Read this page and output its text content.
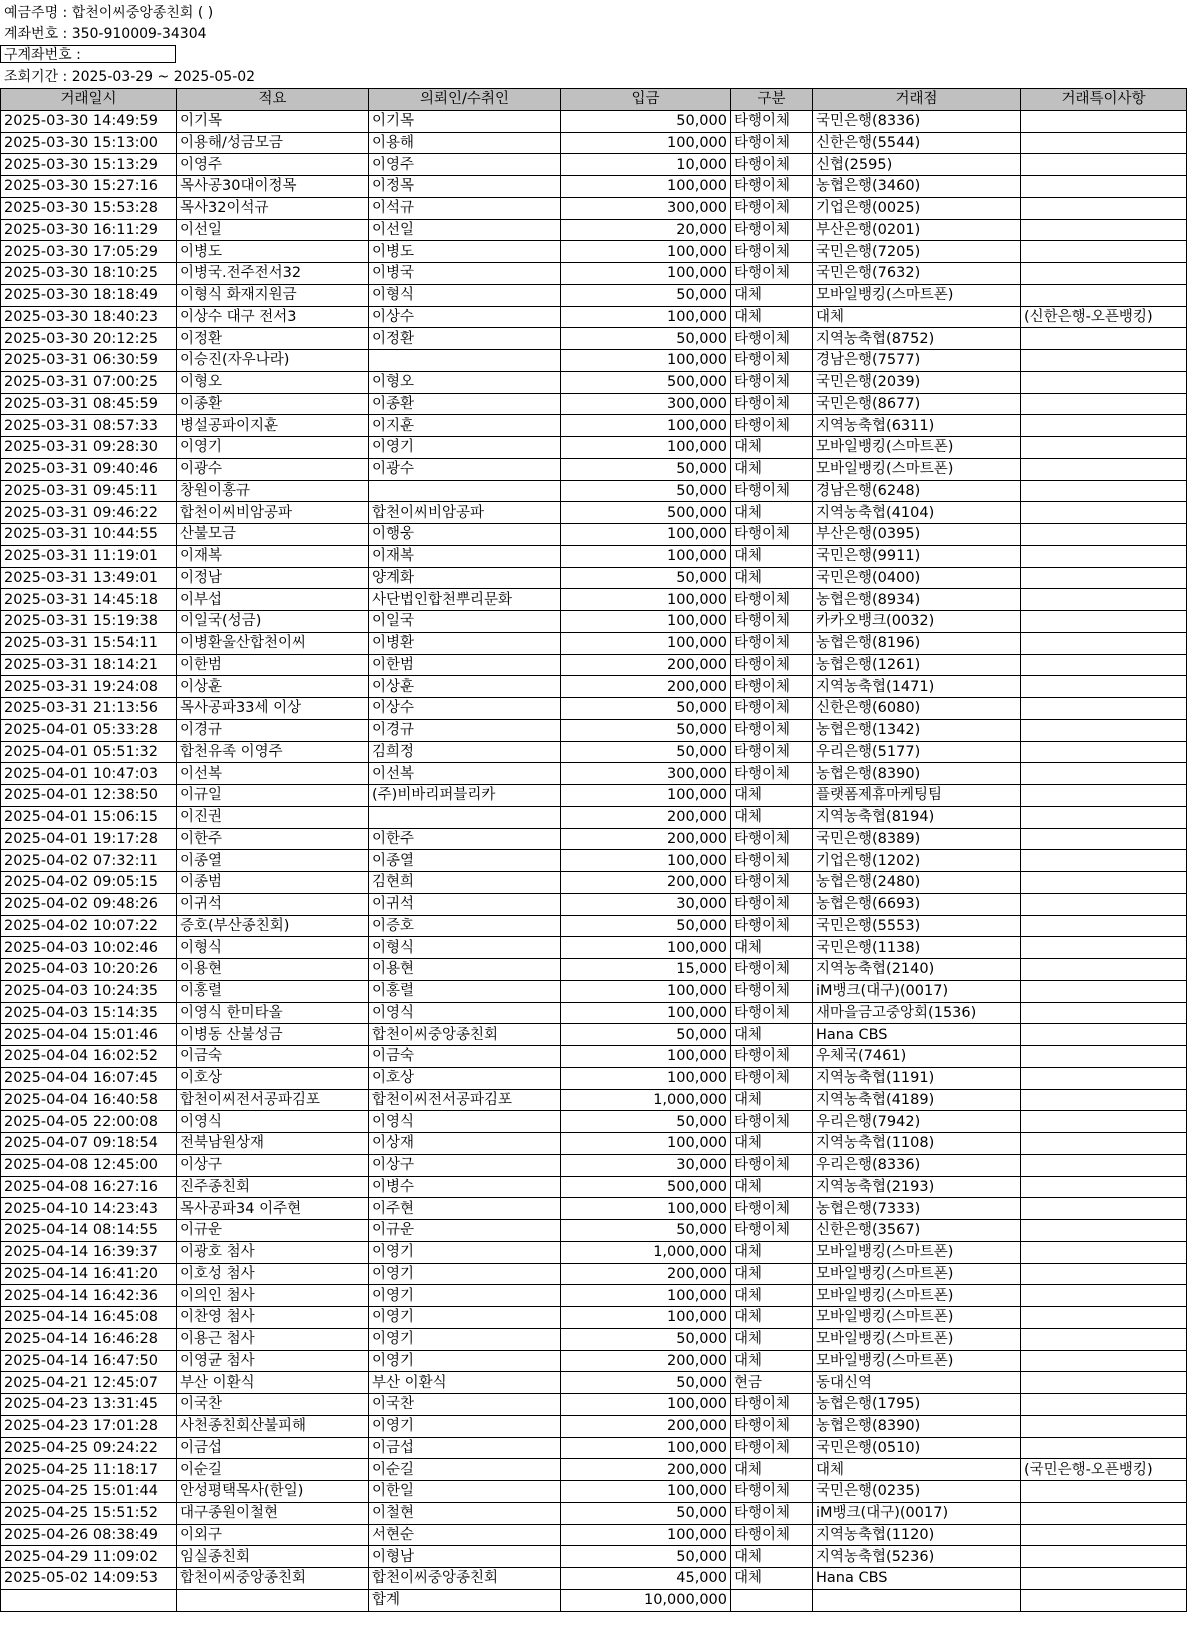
예금주명 : 합천이씨중앙종친회 ( )
계좌번호 : 350-910009-34304
구계좌번호 :
조회기간 : 2025-03-29 ~ 2025-05-02
거래일시	적요	의뢰인/수취인	입금	구분	거래점	거래특이사항
2025-03-30 14:49:59	이기목	이기목	50,000	타행이체	국민은행(8336)	
2025-03-30 15:13:00	이용해/성금모금	이용해	100,000	타행이체	신한은행(5544)	
2025-03-30 15:13:29	이영주	이영주	10,000	타행이체	신협(2595)	
2025-03-30 15:27:16	목사공30대이정목	이정목	100,000	타행이체	농협은행(3460)	
2025-03-30 15:53:28	목사32이석규	이석규	300,000	타행이체	기업은행(0025)	
2025-03-30 16:11:29	이선일	이선일	20,000	타행이체	부산은행(0201)	
2025-03-30 17:05:29	이병도	이병도	100,000	타행이체	국민은행(7205)	
2025-03-30 18:10:25	이병국.전주전서32	이병국	100,000	타행이체	국민은행(7632)	
2025-03-30 18:18:49	이형식 화재지원금	이형식	50,000	대체	모바일뱅킹(스마트폰)	
2025-03-30 18:40:23	이상수 대구 전서3	이상수	100,000	대체	대체	(신한은행-오픈뱅킹)
2025-03-30 20:12:25	이정환	이정환	50,000	타행이체	지역농축협(8752)	
2025-03-31 06:30:59	이승진(자우나라)		100,000	타행이체	경남은행(7577)	
2025-03-31 07:00:25	이형오	이형오	500,000	타행이체	국민은행(2039)	
2025-03-31 08:45:59	이종환	이종환	300,000	타행이체	국민은행(8677)	
2025-03-31 08:57:33	병설공파이지훈	이지훈	100,000	타행이체	지역농축협(6311)	
2025-03-31 09:28:30	이영기	이영기	100,000	대체	모바일뱅킹(스마트폰)	
2025-03-31 09:40:46	이광수	이광수	50,000	대체	모바일뱅킹(스마트폰)	
2025-03-31 09:45:11	창원이홍규		50,000	타행이체	경남은행(6248)	
2025-03-31 09:46:22	합천이씨비암공파	합천이씨비암공파	500,000	대체	지역농축협(4104)	
2025-03-31 10:44:55	산불모금	이행웅	100,000	타행이체	부산은행(0395)	
2025-03-31 11:19:01	이재복	이재복	100,000	대체	국민은행(9911)	
2025-03-31 13:49:01	이정남	양계화	50,000	대체	국민은행(0400)	
2025-03-31 14:45:18	이부섭	사단법인합천뿌리문화	100,000	타행이체	농협은행(8934)	
2025-03-31 15:19:38	이일국(성금)	이일국	100,000	타행이체	카카오뱅크(0032)	
2025-03-31 15:54:11	이병환울산합천이씨	이병환	100,000	타행이체	농협은행(8196)	
2025-03-31 18:14:21	이한범	이한범	200,000	타행이체	농협은행(1261)	
2025-03-31 19:24:08	이상훈	이상훈	200,000	타행이체	지역농축협(1471)	
2025-03-31 21:13:56	목사공파33세 이상	이상수	50,000	타행이체	신한은행(6080)	
2025-04-01 05:33:28	이경규	이경규	50,000	타행이체	농협은행(1342)	
2025-04-01 05:51:32	합천유족 이영주	김희정	50,000	타행이체	우리은행(5177)	
2025-04-01 10:47:03	이선복	이선복	300,000	타행이체	농협은행(8390)	
2025-04-01 12:38:50	이규일	(주)비바리퍼블리카	100,000	대체	플랫폼제휴마케팅팀	
2025-04-01 15:06:15	이진권		200,000	대체	지역농축협(8194)	
2025-04-01 19:17:28	이한주	이한주	200,000	타행이체	국민은행(8389)	
2025-04-02 07:32:11	이종열	이종열	100,000	타행이체	기업은행(1202)	
2025-04-02 09:05:15	이종범	김현희	200,000	타행이체	농협은행(2480)	
2025-04-02 09:48:26	이귀석	이귀석	30,000	타행이체	농협은행(6693)	
2025-04-02 10:07:22	증호(부산종친회)	이증호	50,000	타행이체	국민은행(5553)	
2025-04-03 10:02:46	이형식	이형식	100,000	대체	국민은행(1138)	
2025-04-03 10:20:26	이용현	이용현	15,000	타행이체	지역농축협(2140)	
2025-04-03 10:24:35	이홍렬	이홍렬	100,000	타행이체	iM뱅크(대구)(0017)	
2025-04-03 15:14:35	이영식 한미타올	이영식	100,000	타행이체	새마을금고중앙회(1536)	
2025-04-04 15:01:46	이병동 산불성금	합천이씨중앙종친회	50,000	대체	Hana CBS	
2025-04-04 16:02:52	이금숙	이금숙	100,000	타행이체	우체국(7461)	
2025-04-04 16:07:45	이호상	이호상	100,000	타행이체	지역농축협(1191)	
2025-04-04 16:40:58	합천이씨전서공파김포	합천이씨전서공파김포	1,000,000	대체	지역농축협(4189)	
2025-04-05 22:00:08	이영식	이영식	50,000	타행이체	우리은행(7942)	
2025-04-07 09:18:54	전북남원상재	이상재	100,000	대체	지역농축협(1108)	
2025-04-08 12:45:00	이상구	이상구	30,000	타행이체	우리은행(8336)	
2025-04-08 16:27:16	진주종친회	이병수	500,000	대체	지역농축협(2193)	
2025-04-10 14:23:43	목사공파34 이주현	이주현	100,000	타행이체	농협은행(7333)	
2025-04-14 08:14:55	이규운	이규운	50,000	타행이체	신한은행(3567)	
2025-04-14 16:39:37	이광호 첨사	이영기	1,000,000	대체	모바일뱅킹(스마트폰)	
2025-04-14 16:41:20	이호성 첨사	이영기	200,000	대체	모바일뱅킹(스마트폰)	
2025-04-14 16:42:36	이의인 첨사	이영기	100,000	대체	모바일뱅킹(스마트폰)	
2025-04-14 16:45:08	이찬영 첨사	이영기	100,000	대체	모바일뱅킹(스마트폰)	
2025-04-14 16:46:28	이용근 첨사	이영기	50,000	대체	모바일뱅킹(스마트폰)	
2025-04-14 16:47:50	이영균 첨사	이영기	200,000	대체	모바일뱅킹(스마트폰)	
2025-04-21 12:45:07	부산 이환식	부산 이환식	50,000	현금	동대신역	
2025-04-23 13:31:45	이국찬	이국찬	100,000	타행이체	농협은행(1795)	
2025-04-23 17:01:28	사천종친회산불피해	이영기	200,000	타행이체	농협은행(8390)	
2025-04-25 09:24:22	이금섭	이금섭	100,000	타행이체	국민은행(0510)	
2025-04-25 11:18:17	이순길	이순길	200,000	대체	대체	(국민은행-오픈뱅킹)
2025-04-25 15:01:44	안성평택목사(한일)	이한일	100,000	타행이체	국민은행(0235)	
2025-04-25 15:51:52	대구종원이철현	이철현	50,000	타행이체	iM뱅크(대구)(0017)	
2025-04-26 08:38:49	이외구	서현순	100,000	타행이체	지역농축협(1120)	
2025-04-29 11:09:02	임실종친회	이형남	50,000	대체	지역농축협(5236)	
2025-05-02 14:09:53	합천이씨중앙종친회	합천이씨중앙종친회	45,000	대체	Hana CBS	
		합계	10,000,000			
